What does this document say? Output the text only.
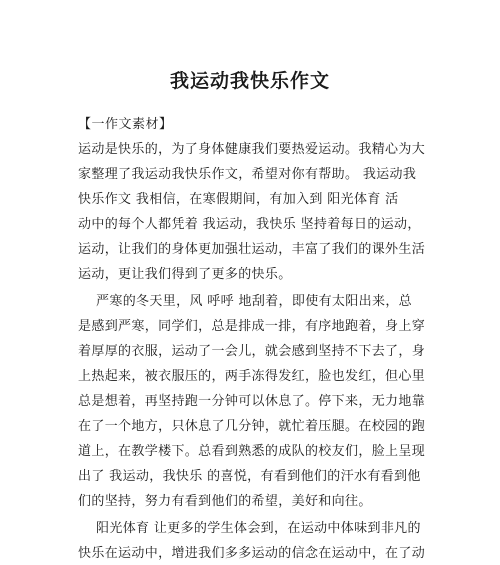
我运动我快乐作文
【一作文素材】
运动是快乐的，为了身体健康我们要热爱运动。我精心为大
家整理了我运动我快乐作文，希望对你有帮助。 我运动我
快乐作文 我相信，在寒假期间，有加入到 阳光体育 活
动中的每个人都凭着 我运动，我快乐 坚持着每日的运动，
运动，让我们的身体更加强壮运动，丰富了我们的课外生活
运动，更让我们得到了更多的快乐。
严寒的冬天里，风 呼呼 地刮着，即使有太阳出来，总
是感到严寒，同学们，总是排成一排，有序地跑着，身上穿
着厚厚的衣服，运动了一会儿，就会感到坚持不下去了，身
上热起来，被衣服压的，两手冻得发红，脸也发红，但心里
总是想着，再坚持跑一分钟可以休息了。停下来，无力地靠
在了一个地方，只休息了几分钟，就忙着压腿。在校园的跑
道上，在教学楼下。总看到熟悉的成队的校友们，脸上呈现
出了 我运动，我快乐 的喜悦，有看到他们的汗水有看到他
们的坚持，努力有看到他们的希望，美好和向往。
阳光体育 让更多的学生体会到，在运动中体味到非凡的
快乐在运动中，增进我们多多运动的信念在运动中，在了动
